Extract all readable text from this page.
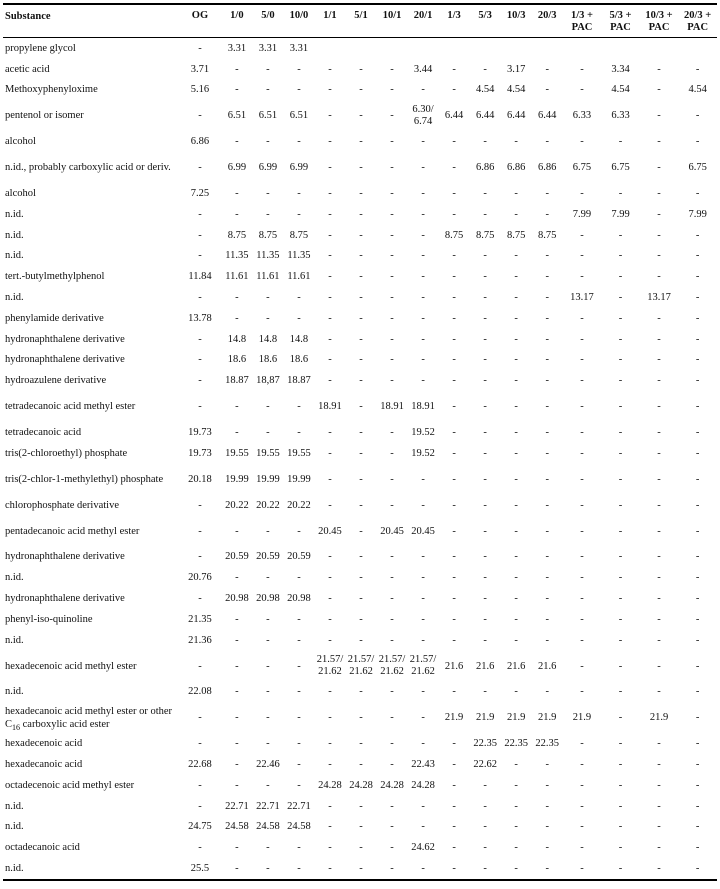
Substance	OG	1/0	5/0	10/0	1/1	5/1	10/1	20/1	1/3	5/3	10/3	20/3	1/3 + PAC	5/3 + PAC	10/3 + PAC	20/3 + PAC
propylene glycol	-	3.31	3.31	3.31												
acetic acid	3.71	-	-	-	-	-	-	3.44	-	-	3.17	-	-	3.34	-	-
Methoxyphenyloxime	5.16	-	-	-	-	-	-	-	-	4.54	4.54	-	-	4.54	-	4.54
pentenol or isomer	-	6.51	6.51	6.51	-	-	-	6.30/ 6.74	6.44	6.44	6.44	6.44	6.33	6.33	-	-
alcohol	6.86	-	-	-	-	-	-	-	-	-	-	-	-	-	-	-
n.id., probably carboxylic acid or deriv.	-	6.99	6.99	6.99	-	-	-	-	-	6.86	6.86	6.86	6.75	6.75	-	6.75
alcohol	7.25	-	-	-	-	-	-	-	-	-	-	-	-	-	-	-
n.id.	-	-	-	-	-	-	-	-	-	-	-	-	7.99	7.99	-	7.99
n.id.	-	8.75	8.75	8.75	-	-	-	-	8.75	8.75	8.75	8.75	-	-	-	-
n.id.	-	11.35	11.35	11.35	-	-	-	-	-	-	-	-	-	-	-	-
tert.-butylmethylphenol	11.84	11.61	11.61	11.61	-	-	-	-	-	-	-	-	-	-	-	-
n.id.	-	-	-	-	-	-	-	-	-	-	-	-	13.17	-	13.17	-
phenylamide derivative	13.78	-	-	-	-	-	-	-	-	-	-	-	-	-	-	-
hydronaphthalene derivative	-	14.8	14.8	14.8	-	-	-	-	-	-	-	-	-	-	-	-
hydronaphthalene derivative	-	18.6	18.6	18.6	-	-	-	-	-	-	-	-	-	-	-	-
hydroazulene derivative	-	18.87	18,87	18.87	-	-	-	-	-	-	-	-	-	-	-	-
tetradecanoic acid methyl ester	-	-	-	-	18.91	-	18.91	18.91	-	-	-	-	-	-	-	-
tetradecanoic acid	19.73	-	-	-	-	-	-	19.52	-	-	-	-	-	-	-	-
tris(2-chloroethyl) phosphate	19.73	19.55	19.55	19.55	-	-	-	19.52	-	-	-	-	-	-	-	-
tris(2-chlor-1-methylethyl) phosphate	20.18	19.99	19.99	19.99	-	-	-	-	-	-	-	-	-	-	-	-
chlorophosphate derivative	-	20.22	20.22	20.22	-	-	-	-	-	-	-	-	-	-	-	-
pentadecanoic acid methyl ester	-	-	-	-	20.45	-	20.45	20.45	-	-	-	-	-	-	-	-
hydronaphthalene derivative	-	20.59	20.59	20.59	-	-	-	-	-	-	-	-	-	-	-	-
n.id.	20.76	-	-	-	-	-	-	-	-	-	-	-	-	-	-	-
hydronaphthalene derivative	-	20.98	20.98	20.98	-	-	-	-	-	-	-	-	-	-	-	-
phenyl-iso-quinoline	21.35	-	-	-	-	-	-	-	-	-	-	-	-	-	-	-
n.id.	21.36	-	-	-	-	-	-	-	-	-	-	-	-	-	-	-
hexadecenoic acid methyl ester	-	-	-	-	21.57/ 21.62	21.57/ 21.62	21.57/ 21.62	21.57/ 21.62	21.6	21.6	21.6	21.6	-	-	-	-
n.id.	22.08	-	-	-	-	-	-	-	-	-	-	-	-	-	-	-
hexadecanoic acid methyl ester or other $C_{16}$ carboxylic acid ester	-	-	-	-	-	-	-	-	21.9	21.9	21.9	21.9	21.9	-	21.9	-
hexadecenoic acid	-	-	-	-	-	-	-	-	-	22.35	22.35	22.35	-	-	-	-
hexadecanoic acid	22.68	-	22.46	-	-	-	-	22.43	-	22.62	-	-	-	-	-	-
octadecenoic acid methyl ester	-	-	-	-	24.28	24.28	24.28	24.28	-	-	-	-	-	-	-	-
n.id.	-	22.71	22.71	22.71	-	-	-	-	-	-	-	-	-	-	-	-
n.id.	24.75	24.58	24.58	24.58	-	-	-	-	-	-	-	-	-	-	-	-
octadecanoic acid	-	-	-	-	-	-	-	24.62	-	-	-	-	-	-	-	-
n.id.	25.5	-	-	-	-	-	-	-	-	-	-	-	-	-	-	-
